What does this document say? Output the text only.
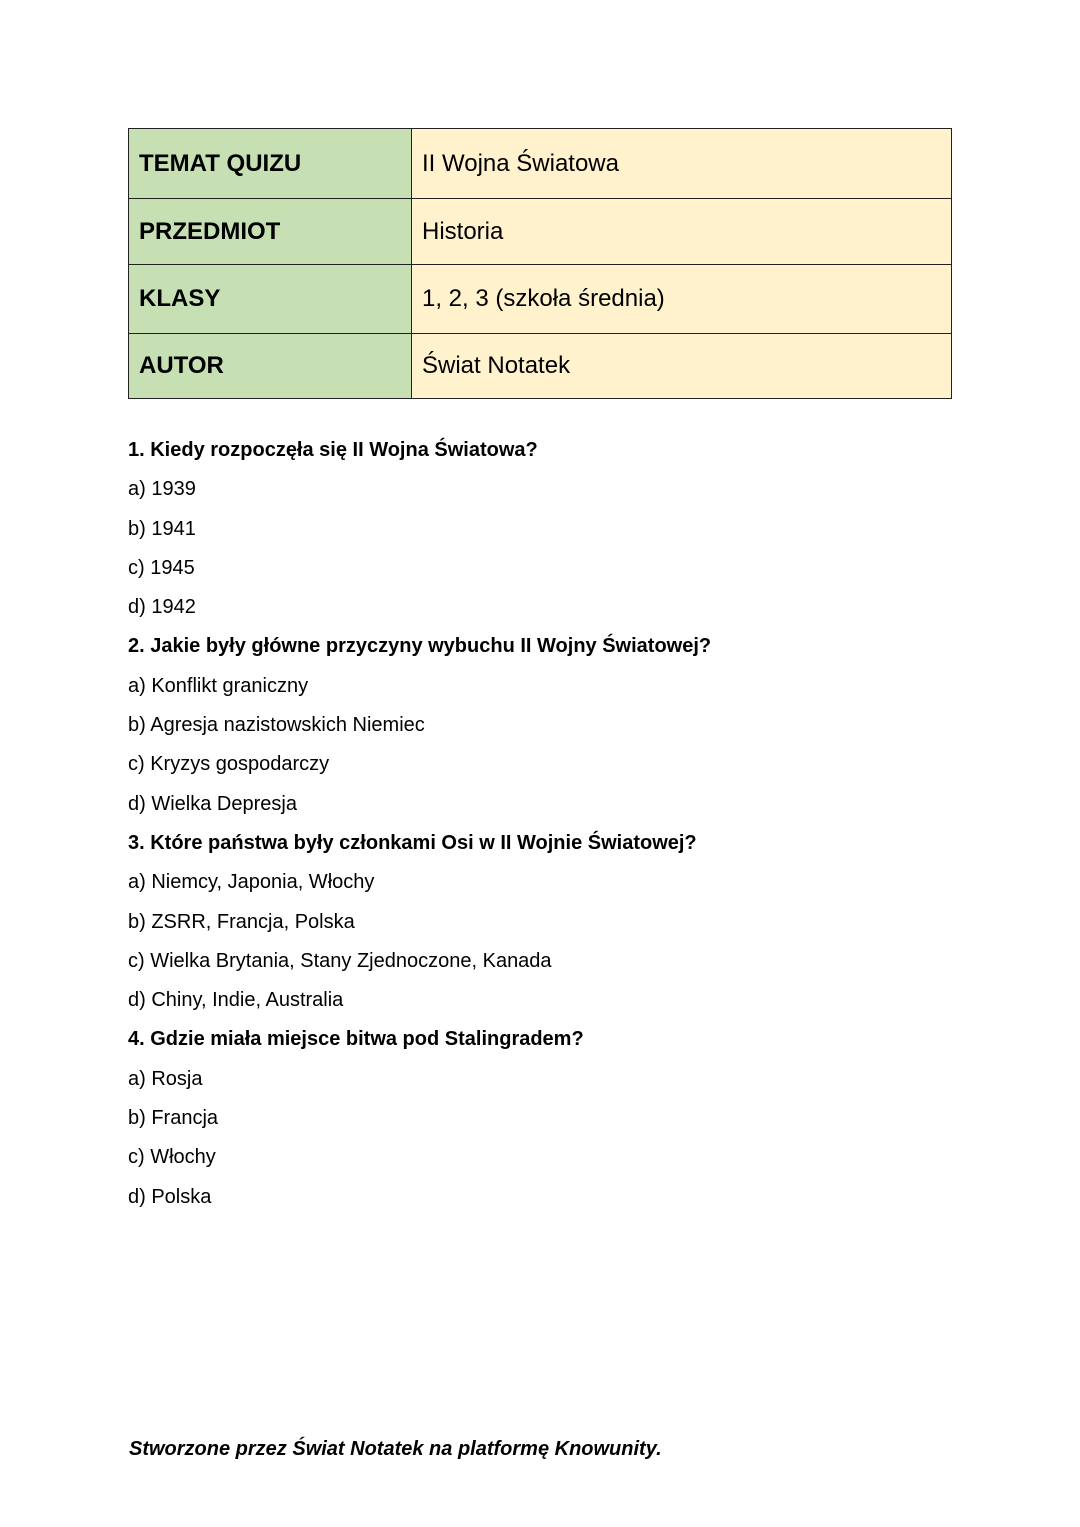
TEMAT QUIZU	II Wojna Światowa
PRZEDMIOT	Historia
KLASY	1, 2, 3 (szkoła średnia)
AUTOR	Świat Notatek
1. Kiedy rozpoczęła się II Wojna Światowa?
a) 1939
b) 1941
c) 1945
d) 1942
2. Jakie były główne przyczyny wybuchu II Wojny Światowej?
a) Konflikt graniczny
b) Agresja nazistowskich Niemiec
c) Kryzys gospodarczy
d) Wielka Depresja
3. Które państwa były członkami Osi w II Wojnie Światowej?
a) Niemcy, Japonia, Włochy
b) ZSRR, Francja, Polska
c) Wielka Brytania, Stany Zjednoczone, Kanada
d) Chiny, Indie, Australia
4. Gdzie miała miejsce bitwa pod Stalingradem?
a) Rosja
b) Francja
c) Włochy
d) Polska
Stworzone przez Świat Notatek na platformę Knowunity.
